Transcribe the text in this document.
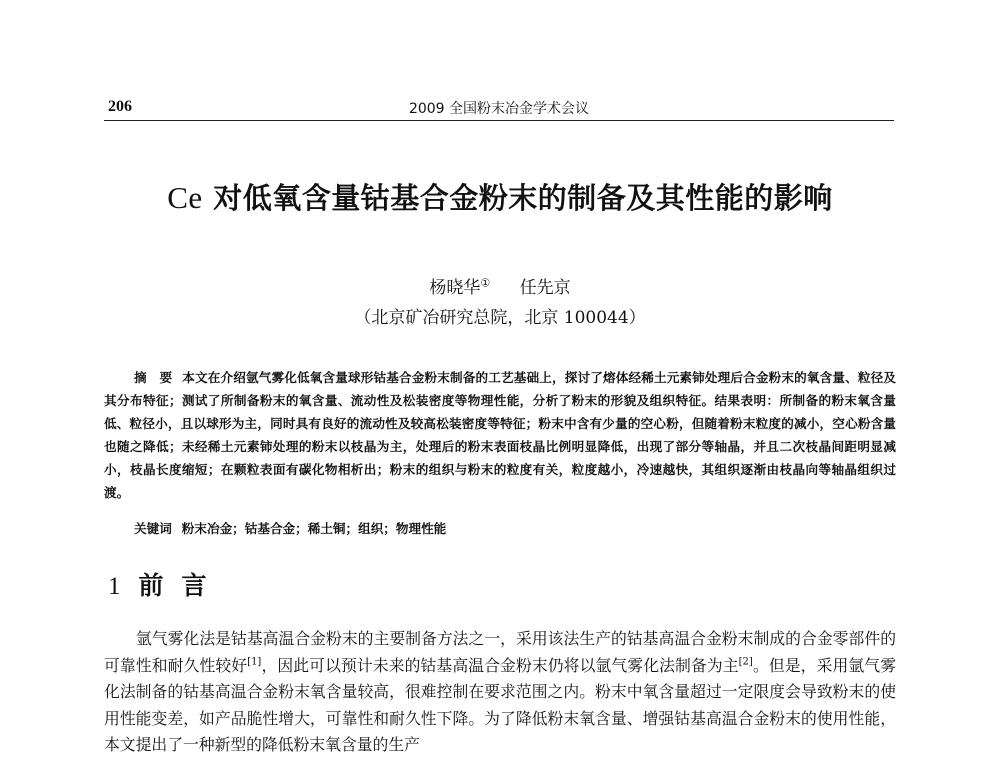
206	2009 全国粉末冶金学术会议
Ce 对低氧含量钴基合金粉末的制备及其性能的影响
杨晓华① 任先京
（北京矿冶研究总院，北京 100044）
摘　要 本文在介绍氩气雾化低氧含量球形钴基合金粉末制备的工艺基础上，探讨了熔体经稀土元素铈处理后合金粉末的氧含量、粒径及其分布特征；测试了所制备粉末的氧含量、流动性及松装密度等物理性能，分析了粉末的形貌及组织特征。结果表明：所制备的粉末氧含量低、粒径小，且以球形为主，同时具有良好的流动性及较高松装密度等特征；粉末中含有少量的空心粉，但随着粉末粒度的减小，空心粉含量也随之降低；未经稀土元素铈处理的粉末以枝晶为主，处理后的粉末表面枝晶比例明显降低，出现了部分等轴晶，并且二次枝晶间距明显减小，枝晶长度缩短；在颗粒表面有碳化物相析出；粉末的组织与粉末的粒度有关，粒度越小，冷速越快，其组织逐渐由枝晶向等轴晶组织过渡。
关键词 粉末冶金；钴基合金；稀土铜；组织；物理性能
1 前言
氩气雾化法是钴基高温合金粉末的主要制备方法之一，采用该法生产的钴基高温合金粉末制成的合金零部件的可靠性和耐久性较好[1]，因此可以预计未来的钴基高温合金粉末仍将以氩气雾化法制备为主[2]。但是，采用氩气雾化法制备的钴基高温合金粉末氧含量较高，很难控制在要求范围之内。粉末中氧含量超过一定限度会导致粉末的使用性能变差，如产品脆性增大，可靠性和耐久性下降。为了降低粉末氧含量、增强钴基高温合金粉末的使用性能，本文提出了一种新型的降低粉末氧含量的生产
